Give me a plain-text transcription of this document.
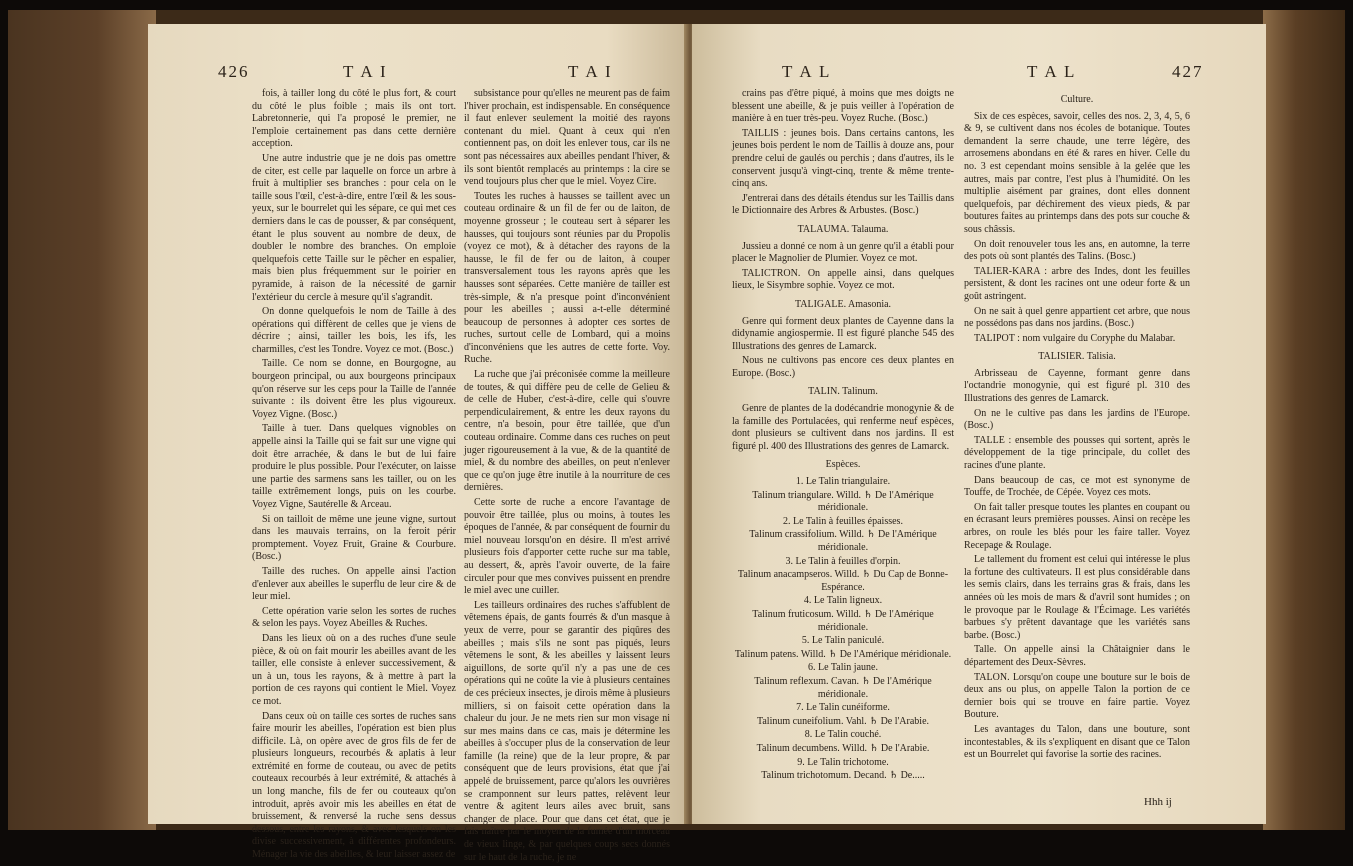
426	T A I	T A I

fois, à tailler long du côté le plus fort, & court du côté le plus foible ; mais ils ont tort. Labretonnerie, qui l'a proposé le premier, ne l'emploie certainement pas dans cette dernière acception.

Une autre industrie que je ne dois pas omettre de citer, est celle par laquelle on force un arbre à fruit à multiplier ses branches : pour cela on le taille sous l'œil, c'est-à-dire, entre l'œil & les sous-yeux, sur le bourrelet qui les sépare, ce qui met ces derniers dans le cas de pousser, & par conséquent, étant le plus souvent au nombre de deux, de doubler le nombre des branches. On emploie quelquefois cette Taille sur le pêcher en espalier, mais bien plus fréquemment sur le poirier en pyramide, à raison de la nécessité de garnir l'extérieur du cercle à mesure qu'il s'agrandit.

On donne quelquefois le nom de Taille à des opérations qui diffèrent de celles que je viens de décrire ; ainsi, tailler les bois, les ifs, les charmilles, c'est les Tondre. Voyez ce mot. (Bosc.)

Taille. Ce nom se donne, en Bourgogne, au bourgeon principal, ou aux bourgeons principaux qu'on réserve sur les ceps pour la Taille de l'année suivante : ils doivent être les plus vigoureux. Voyez Vigne. (Bosc.)

Taille à tuer. Dans quelques vignobles on appelle ainsi la Taille qui se fait sur une vigne qui doit être arrachée, & dans le but de lui faire produire le plus possible. Pour l'exécuter, on laisse une partie des sarmens sans les tailler, ou on les taille extrêmement longs, puis on les courbe. Voyez Vigne, Sautérelle & Arceau.

Si on tailloit de même une jeune vigne, surtout dans les mauvais terrains, on la feroit périr promptement. Voyez Fruit, Graine & Courbure. (Bosc.)

Taille des ruches. On appelle ainsi l'action d'enlever aux abeilles le superflu de leur cire & de leur miel.

Cette opération varie selon les sortes de ruches & selon les pays. Voyez Abeilles & Ruches.

Dans les lieux où on a des ruches d'une seule pièce, & où on fait mourir les abeilles avant de les tailler, elle consiste à enlever successivement, & un à un, tous les rayons, & à mettre à part la portion de ces rayons qui contient le Miel. Voyez ce mot.

Dans ceux où on taille ces sortes de ruches sans faire mourir les abeilles, l'opération est bien plus difficile. Là, on opère avec de gros fils de fer de plusieurs longueurs, recourbés & aplatis à leur extrémité en forme de couteau, ou avec de petits couteaux recourbés à leur extrémité, & attachés à un long manche, fils de fer ou couteaux qu'on introduit, après avoir mis les abeilles en état de bruissement, & renversé la ruche sens dessus dessous, entre les rayons, & avec lesquels on les divise successivement, à différentes profondeurs. Ménager la vie des abeilles, & leur laisser assez de

subsistance pour qu'elles ne meurent pas de faim l'hiver prochain, est indispensable. En conséquence il faut enlever seulement la moitié des rayons contenant du miel. Quant à ceux qui n'en contiennent pas, on doit les enlever tous, car ils ne sont pas nécessaires aux abeilles pendant l'hiver, & ils sont bientôt remplacés au printemps : la cire se vend toujours plus cher que le miel. Voyez Cire.

Toutes les ruches à hausses se taillent avec un couteau ordinaire & un fil de fer ou de laiton, de moyenne grosseur ; le couteau sert à séparer les hausses, qui toujours sont réunies par du Propolis (voyez ce mot), & à détacher des rayons de la hausse, le fil de fer ou de laiton, à couper transversalement tous les rayons après que les hausses sont séparées. Cette manière de tailler est très-simple, & n'a presque point d'inconvénient pour les abeilles ; aussi a-t-elle déterminé beaucoup de personnes à adopter ces sortes de ruches, surtout celle de Lombard, qui a moins d'inconvéniens que les autres de cette forte. Voy. Ruche.

La ruche que j'ai préconisée comme la meilleure de toutes, & qui diffère peu de celle de Gelieu & de celle de Huber, c'est-à-dire, celle qui s'ouvre perpendiculairement, & entre les deux rayons du centre, n'a besoin, pour être taillée, que d'un couteau ordinaire. Comme dans ces ruches on peut juger rigoureusement à la vue, & de la quantité de miel, & du nombre des abeilles, on peut n'enlever que ce qu'on juge être inutile à la nourriture de ces dernières.

Cette sorte de ruche a encore l'avantage de pouvoir être taillée, plus ou moins, à toutes les époques de l'année, & par conséquent de fournir du miel nouveau lorsqu'on en désire. Il m'est arrivé plusieurs fois d'apporter cette ruche sur ma table, au dessert, &, après l'avoir ouverte, de la faire circuler pour que mes convives puissent en prendre le miel avec une cuiller.

Les tailleurs ordinaires des ruches s'affublent de vêtemens épais, de gants fourrés & d'un masque à yeux de verre, pour se garantir des piqûres des abeilles ; mais s'ils ne sont pas piqués, leurs vêtemens le sont, & les abeilles y laissent leurs aiguillons, de sorte qu'il n'y a pas une de ces opérations qui ne coûte la vie à plusieurs centaines de ces précieux insectes, je dirois même à plusieurs milliers, si on faisoit cette opération dans la chaleur du jour. Je ne mets rien sur mon visage ni sur mes mains dans ce cas, mais je détermine les abeilles à s'occuper plus de la conservation de leur famille (la reine) que de la leur propre, & par conséquent que de leurs provisions, état que j'ai appelé de bruissement, parce qu'alors les ouvrières se cramponnent sur leurs pattes, relèvent leur ventre & agitent leurs ailes avec bruit, sans changer de place. Pour que dans cet état, que je fais naître par le moyen de la fumée d'un morceau de vieux linge, & par quelques coups secs donnés sur le haut de la ruche, je ne

T A L	T A L	427

crains pas d'être piqué, à moins que mes doigts ne blessent une abeille, & je puis veiller à l'opération de manière à en tuer très-peu. Voyez Ruche. (Bosc.)

TAILLIS : jeunes bois. Dans certains cantons, les jeunes bois perdent le nom de Taillis à douze ans, pour prendre celui de gaulés ou perchis ; dans d'autres, ils le conservent jusqu'à vingt-cinq, trente & même trente-cinq ans.

J'entrerai dans des détails étendus sur les Taillis dans le Dictionnaire des Arbres & Arbustes. (Bosc.)

TALAUMA. Talauma.

Jussieu a donné ce nom à un genre qu'il a établi pour placer le Magnolier de Plumier. Voyez ce mot.

TALICTRON. On appelle ainsi, dans quelques lieux, le Sisymbre sophie. Voyez ce mot.

TALIGALE. Amasonia.

Genre qui forment deux plantes de Cayenne dans la didynamie angiospermie. Il est figuré planche 545 des Illustrations des genres de Lamarck.

Nous ne cultivons pas encore ces deux plantes en Europe. (Bosc.)

TALIN. Talinum.

Genre de plantes de la dodécandrie monogynie & de la famille des Portulacées, qui renferme neuf espèces, dont plusieurs se cultivent dans nos jardins. Il est figuré pl. 400 des Illustrations des genres de Lamarck.

Espèces.

1. Le Talin triangulaire.

Talinum triangulare. Willd. ♄ De l'Amérique méridionale.

2. Le Talin à feuilles épaisses.

Talinum crassifolium. Willd. ♄ De l'Amérique méridionale.

3. Le Talin à feuilles d'orpin.

Talinum anacampseros. Willd. ♄ Du Cap de Bonne-Espérance.

4. Le Talin ligneux.

Talinum fruticosum. Willd. ♄ De l'Amérique méridionale.

5. Le Talin paniculé.

Talinum patens. Willd. ♄ De l'Amérique méridionale.

6. Le Talin jaune.

Talinum reflexum. Cavan. ♄ De l'Amérique méridionale.

7. Le Talin cunéiforme.

Talinum cuneifolium. Vahl. ♄ De l'Arabie.

8. Le Talin couché.

Talinum decumbens. Willd. ♄ De l'Arabie.

9. Le Talin trichotome.

Talinum trichotomum. Decand. ♄ De.....

Culture.

Six de ces espèces, savoir, celles des nos. 2, 3, 4, 5, 6 & 9, se cultivent dans nos écoles de botanique. Toutes demandent la serre chaude, une terre légère, des arrosemens abondans en été & rares en hiver. Celle du no. 3 est cependant moins sensible à la gelée que les autres, mais par contre, l'est plus à l'humidité. On les multiplie aisément par graines, dont elles donnent quelquefois, par déchirement des vieux pieds, & par boutures faites au printemps dans des pots sur couche & sous châssis.

On doit renouveler tous les ans, en automne, la terre des pots où sont plantés des Talins. (Bosc.)

TALIER-KARA : arbre des Indes, dont les feuilles persistent, & dont les racines ont une odeur forte & un goût astringent.

On ne sait à quel genre appartient cet arbre, que nous ne possédons pas dans nos jardins. (Bosc.)

TALIPOT : nom vulgaire du Coryphe du Malabar.

TALISIER. Talisia.

Arbrisseau de Cayenne, formant genre dans l'octandrie monogynie, qui est figuré pl. 310 des Illustrations des genres de Lamarck.

On ne le cultive pas dans les jardins de l'Europe. (Bosc.)

TALLE : ensemble des pousses qui sortent, après le développement de la tige principale, du collet des racines d'une plante.

Dans beaucoup de cas, ce mot est synonyme de Touffe, de Trochée, de Cépée. Voyez ces mots.

On fait taller presque toutes les plantes en coupant ou en écrasant leurs premières pousses. Ainsi on recèpe les arbres, on roule les blés pour les faire taller. Voyez Recepage & Roulage.

Le tallement du froment est celui qui intéresse le plus la fortune des cultivateurs. Il est plus considérable dans les semis clairs, dans les terrains gras & frais, dans les années où les mois de mars & d'avril sont humides ; on le provoque par le Roulage & l'Écimage. Les variétés barbues s'y prêtent davantage que les variétés sans barbe. (Bosc.)

Talle. On appelle ainsi la Châtaignier dans le département des Deux-Sèvres.

TALON. Lorsqu'on coupe une bouture sur le bois de deux ans ou plus, on appelle Talon la portion de ce dernier bois qui se trouve en faire partie. Voyez Bouture.

Les avantages du Talon, dans une bouture, sont incontestables, & ils s'expliquent en disant que ce Talon est un Bourrelet qui favorise la sortie des racines.

Hhh ij
